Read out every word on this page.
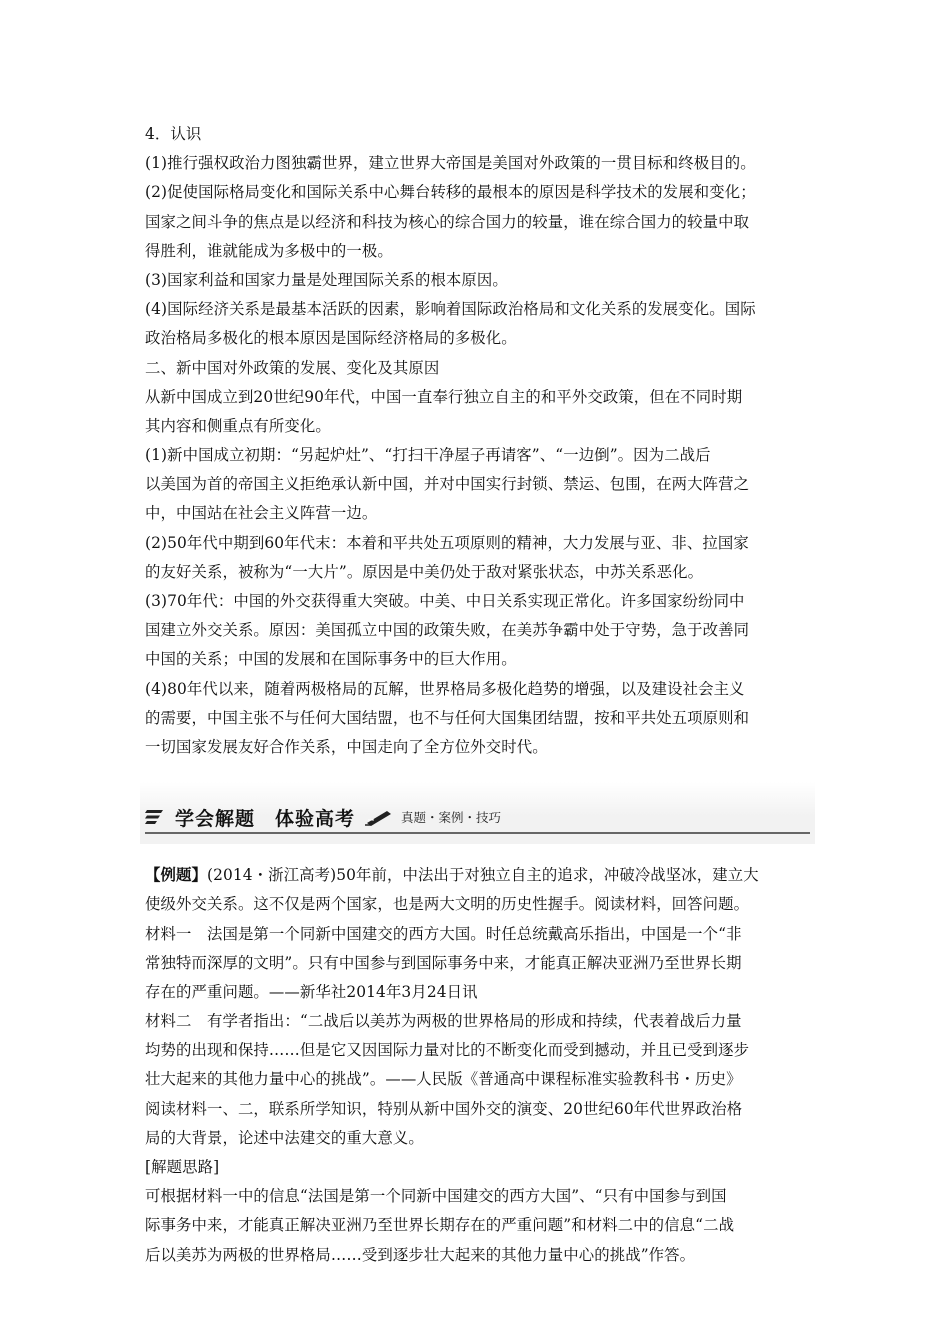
4．认识
(1)推行强权政治力图独霸世界，建立世界大帝国是美国对外政策的一贯目标和终极目的。
(2)促使国际格局变化和国际关系中心舞台转移的最根本的原因是科学技术的发展和变化；
国家之间斗争的焦点是以经济和科技为核心的综合国力的较量，谁在综合国力的较量中取
得胜利，谁就能成为多极中的一极。
(3)国家利益和国家力量是处理国际关系的根本原因。
(4)国际经济关系是最基本活跃的因素，影响着国际政治格局和文化关系的发展变化。国际
政治格局多极化的根本原因是国际经济格局的多极化。
二、新中国对外政策的发展、变化及其原因
从新中国成立到20世纪90年代，中国一直奉行独立自主的和平外交政策，但在不同时期
其内容和侧重点有所变化。
(1)新中国成立初期：“另起炉灶”、“打扫干净屋子再请客”、“一边倒”。因为二战后
以美国为首的帝国主义拒绝承认新中国，并对中国实行封锁、禁运、包围，在两大阵营之
中，中国站在社会主义阵营一边。
(2)50年代中期到60年代末：本着和平共处五项原则的精神，大力发展与亚、非、拉国家
的友好关系，被称为“一大片”。原因是中美仍处于敌对紧张状态，中苏关系恶化。
(3)70年代：中国的外交获得重大突破。中美、中日关系实现正常化。许多国家纷纷同中
国建立外交关系。原因：美国孤立中国的政策失败，在美苏争霸中处于守势，急于改善同
中国的关系；中国的发展和在国际事务中的巨大作用。
(4)80年代以来，随着两极格局的瓦解，世界格局多极化趋势的增强，以及建设社会主义
的需要，中国主张不与任何大国结盟，也不与任何大国集团结盟，按和平共处五项原则和
一切国家发展友好合作关系，中国走向了全方位外交时代。
学会解题 体验高考	真题・案例・技巧
【例题】(2014・浙江高考)50年前，中法出于对独立自主的追求，冲破冷战坚冰，建立大
使级外交关系。这不仅是两个国家，也是两大文明的历史性握手。阅读材料，回答问题。
材料一　法国是第一个同新中国建交的西方大国。时任总统戴高乐指出，中国是一个“非
常独特而深厚的文明”。只有中国参与到国际事务中来，才能真正解决亚洲乃至世界长期
存在的严重问题。——新华社2014年3月24日讯
材料二　有学者指出：“二战后以美苏为两极的世界格局的形成和持续，代表着战后力量
均势的出现和保持……但是它又因国际力量对比的不断变化而受到撼动，并且已受到逐步
壮大起来的其他力量中心的挑战”。——人民版《普通高中课程标准实验教科书・历史》
阅读材料一、二，联系所学知识，特别从新中国外交的演变、20世纪60年代世界政治格
局的大背景，论述中法建交的重大意义。
[解题思路]
可根据材料一中的信息“法国是第一个同新中国建交的西方大国”、“只有中国参与到国
际事务中来，才能真正解决亚洲乃至世界长期存在的严重问题”和材料二中的信息“二战
后以美苏为两极的世界格局……受到逐步壮大起来的其他力量中心的挑战”作答。
